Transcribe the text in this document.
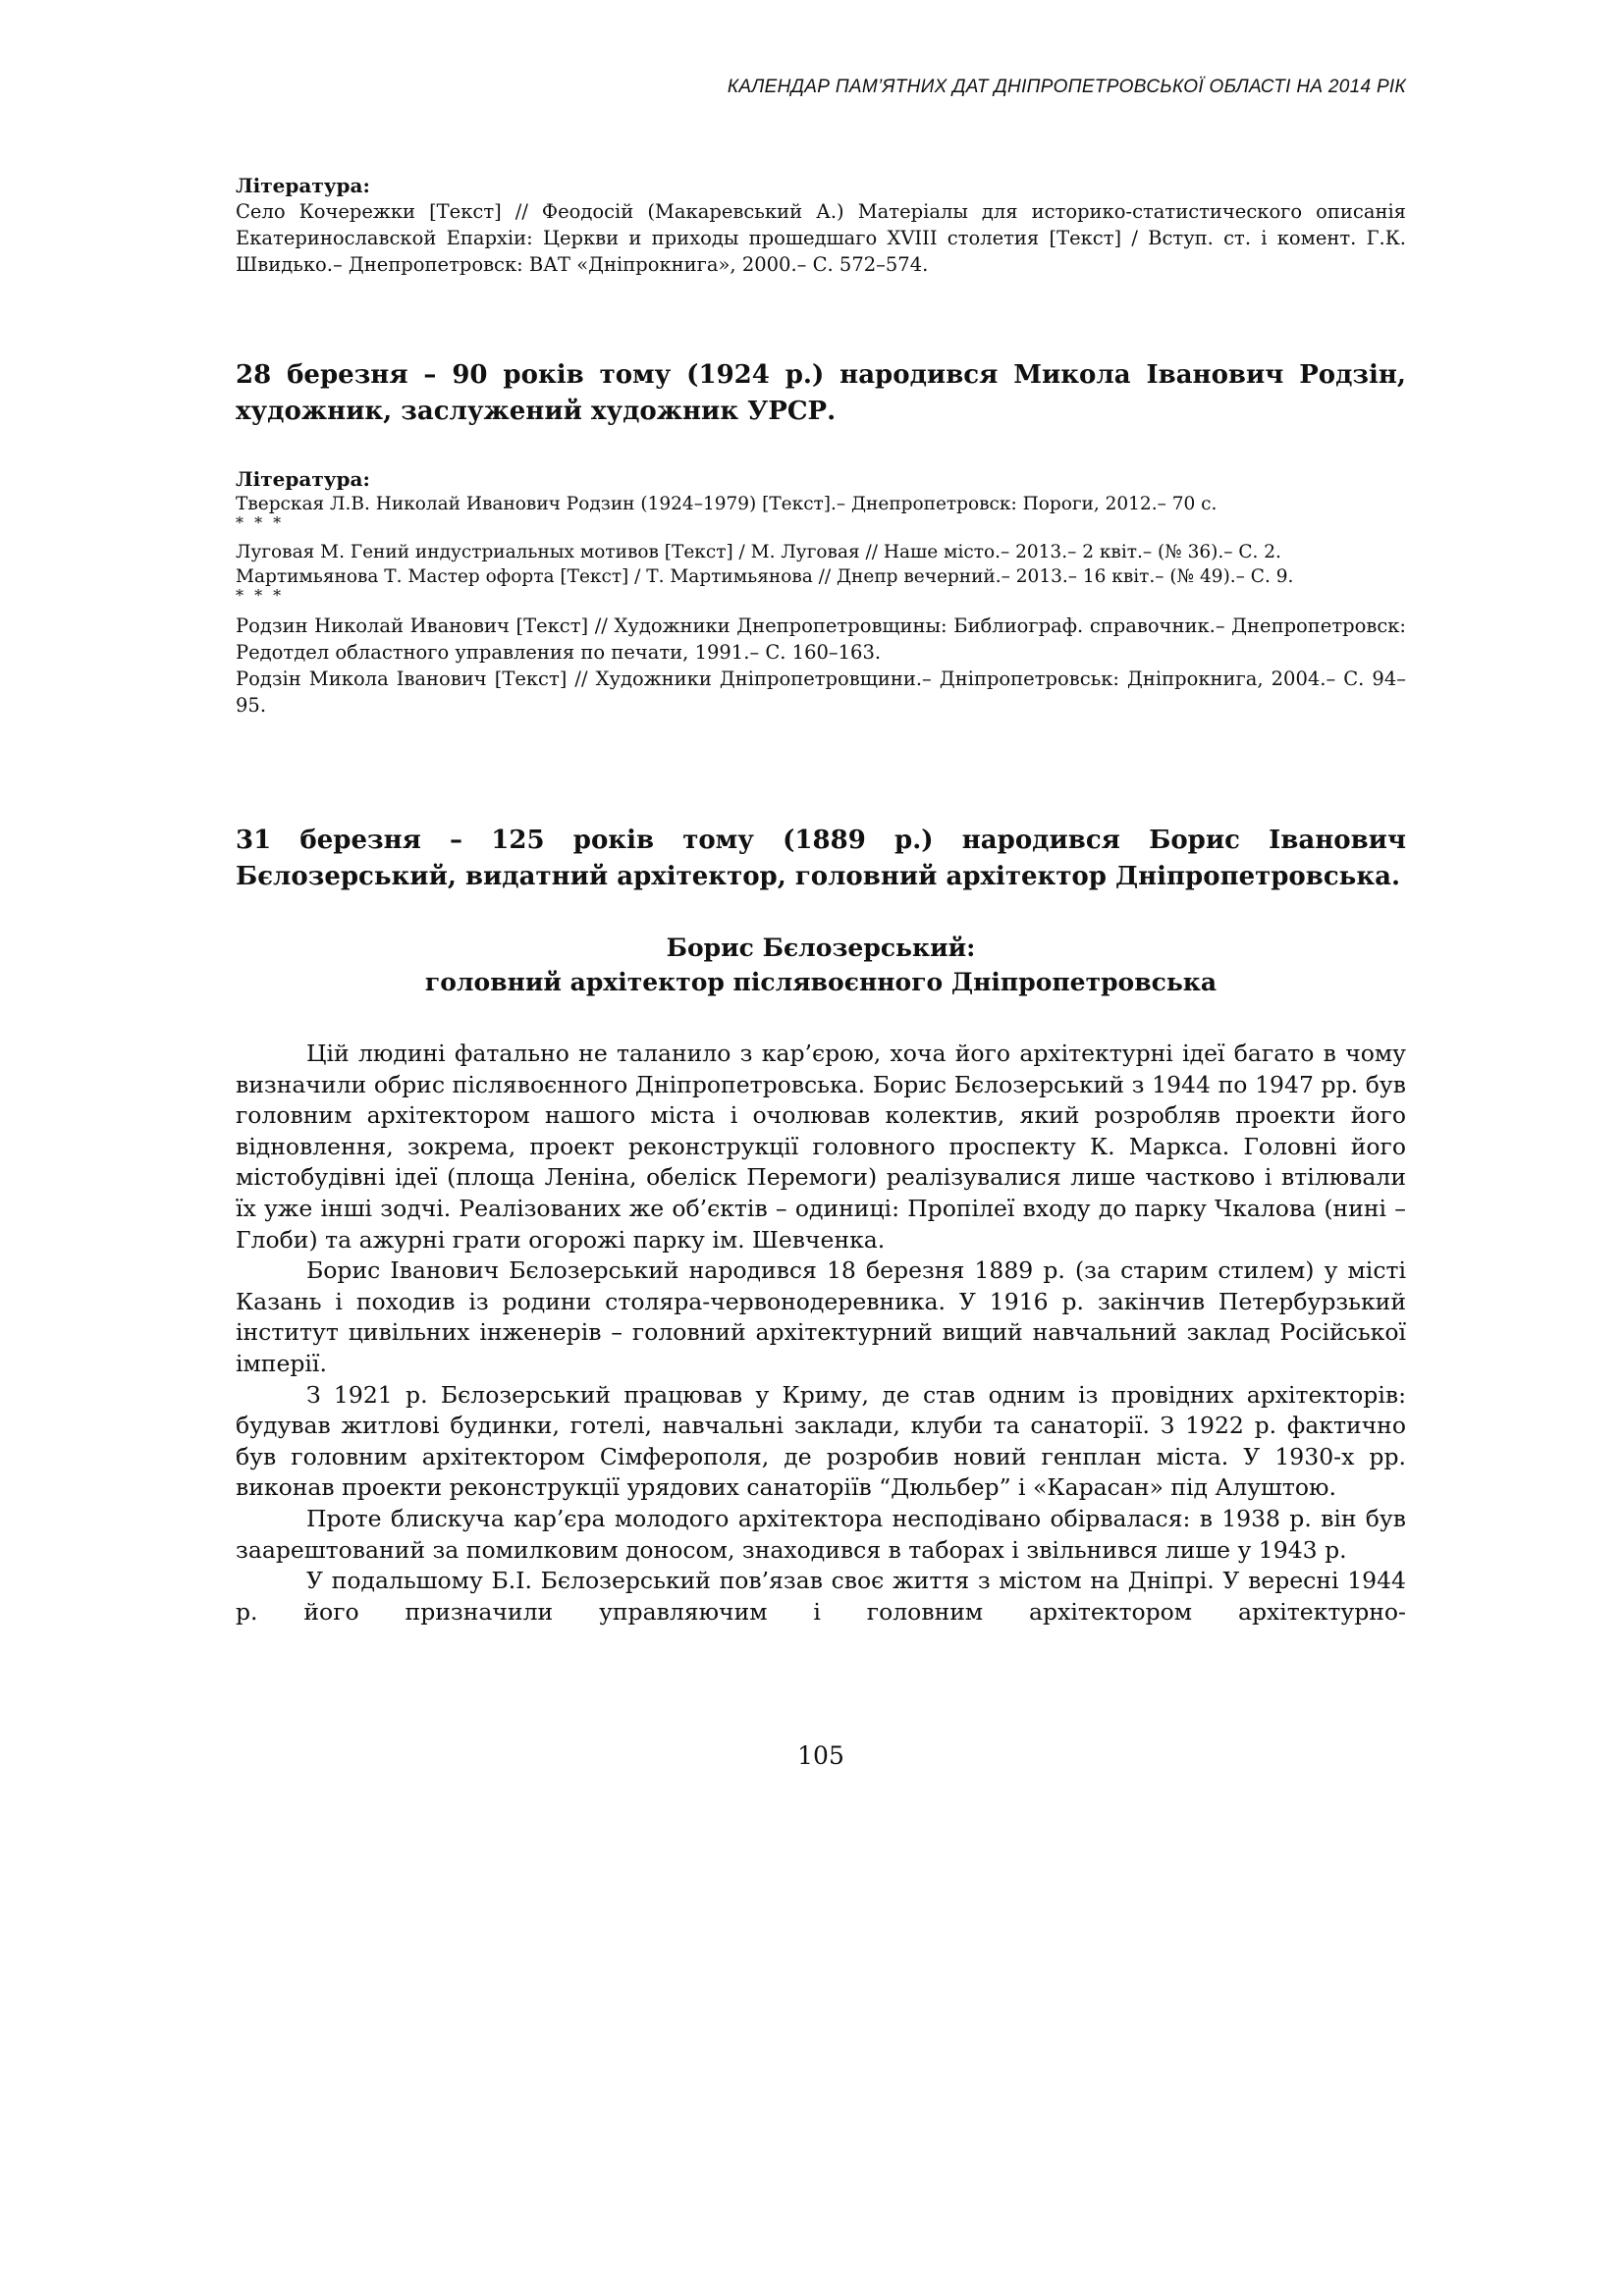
КАЛЕНДАР ПАМ’ЯТНИХ ДАТ ДНІПРОПЕТРОВСЬКОЇ ОБЛАСТІ НА 2014 РІК

Література:

Село Кочережки [Текст] // Феодосій (Макаревський А.) Матеріалы для историко-статистического описанія Екатеринославской Епархіи: Церкви и приходы прошедшаго XVIII столетия [Текст] / Вступ. ст. і комент. Г.К. Швидько.– Днепропетровск: ВАТ «Дніпрокнига», 2000.– С. 572–574.

28 березня – 90 років тому (1924 р.) народився Микола Іванович Родзін, художник, заслужений художник УРСР.

Література:

Тверская Л.В. Николай Иванович Родзин (1924–1979) [Текст].– Днепропетровск: Пороги, 2012.– 70 с.

* * *

Луговая М. Гений индустриальных мотивов [Текст] / М. Луговая // Наше місто.– 2013.– 2 квіт.– (№ 36).– С. 2.

Мартимьянова Т. Мастер офорта [Текст] / Т. Мартимьянова // Днепр вечерний.– 2013.– 16 квіт.– (№ 49).– С. 9.

* * *

Родзин Николай Иванович [Текст] // Художники Днепропетровщины: Библиограф. справочник.– Днепропетровск: Редотдел областного управления по печати, 1991.– С. 160–163.

Родзін Микола Іванович [Текст] // Художники Дніпропетровщини.– Дніпропетровськ: Дніпрокнига, 2004.– С. 94–95.

31 березня – 125 років тому (1889 р.) народився Борис Іванович Бєлозерський, видатний архітектор, головний архітектор Дніпропетровська.

Борис Бєлозерський:

головний архітектор післявоєнного Дніпропетровська

Цій людині фатально не таланило з кар’єрою, хоча його архітектурні ідеї багато в чому визначили обрис післявоєнного Дніпропетровська. Борис Бєлозерський з 1944 по 1947 рр. був головним архітектором нашого міста і очолював колектив, який розробляв проекти його відновлення, зокрема, проект реконструкції головного проспекту К. Маркса. Головні його містобудівні ідеї (площа Леніна, обеліск Перемоги) реалізувалися лише частково і втілювали їх уже інші зодчі. Реалізованих же об’єктів – одиниці: Пропілеї входу до парку Чкалова (нині – Глоби) та ажурні грати огорожі парку ім. Шевченка.

Борис Іванович Бєлозерський народився 18 березня 1889 р. (за старим стилем) у місті Казань і походив із родини столяра-червонодеревника. У 1916 р. закінчив Петербурзький інститут цивільних інженерів – головний архітектурний вищий навчальний заклад Російської імперії.

З 1921 р. Бєлозерський працював у Криму, де став одним із провідних архітекторів: будував житлові будинки, готелі, навчальні заклади, клуби та санаторії. З 1922 р. фактично був головним архітектором Сімферополя, де розробив новий генплан міста. У 1930-х рр. виконав проекти реконструкції урядових санаторіїв “Дюльбер” і «Карасан» під Алуштою.

Проте блискуча кар’єра молодого архітектора несподівано обірвалася: в 1938 р. він був заарештований за помилковим доносом, знаходився в таборах і звільнився лише у 1943 р.

У подальшому Б.І. Бєлозерський пов’язав своє життя з містом на Дніпрі. У вересні 1944 р. його призначили управляючим і головним архітектором архітектурно-

105
